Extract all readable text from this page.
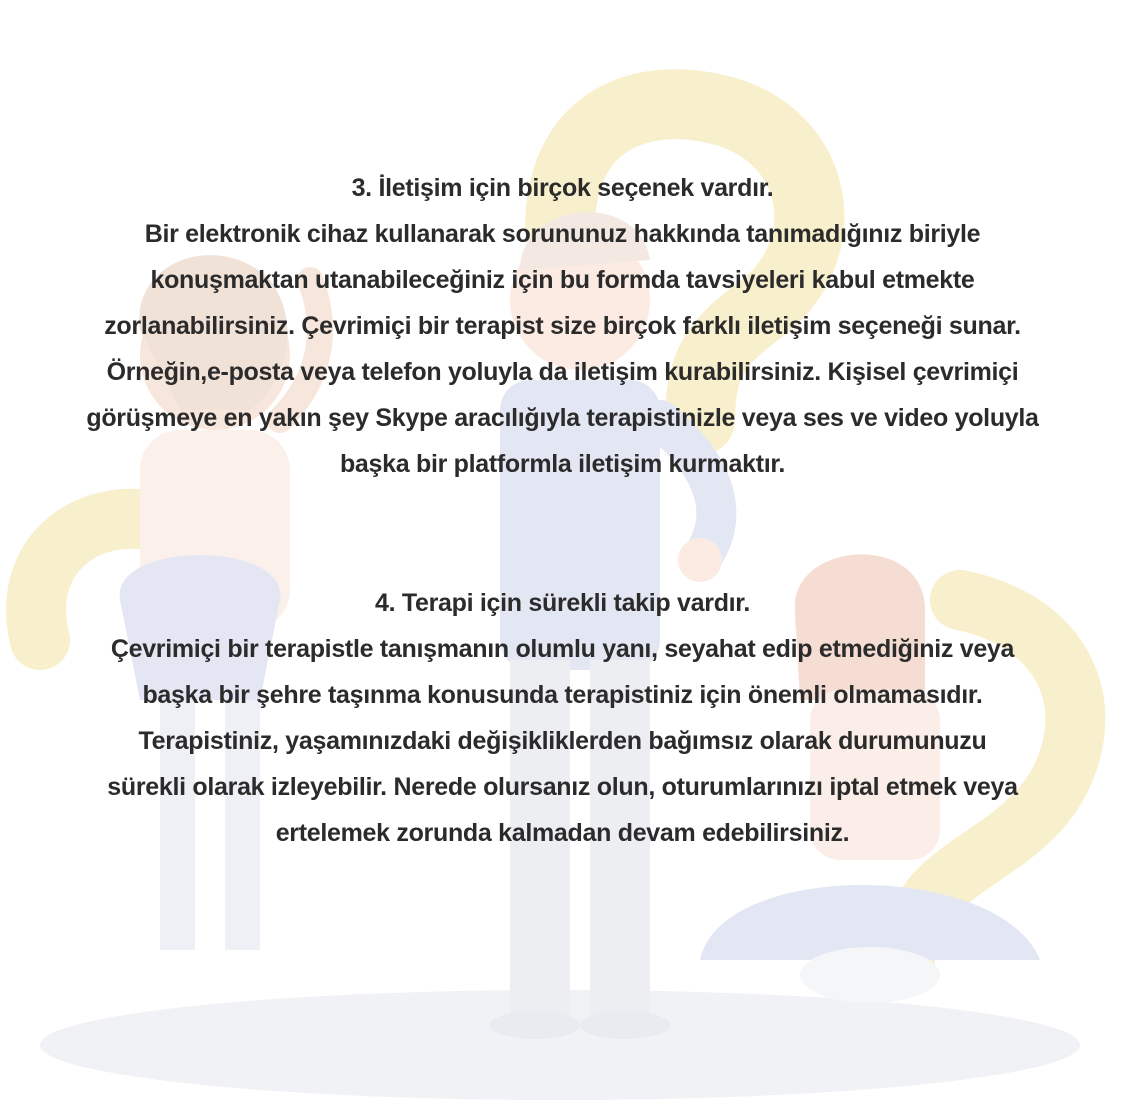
3. İletişim için birçok seçenek vardır.

Bir elektronik cihaz kullanarak sorununuz hakkında tanımadığınız biriyle

konuşmaktan utanabileceğiniz için bu formda tavsiyeleri kabul etmekte

zorlanabilirsiniz. Çevrimiçi bir terapist size birçok farklı iletişim seçeneği sunar.

Örneğin,e-posta veya telefon yoluyla da iletişim kurabilirsiniz. Kişisel çevrimiçi

görüşmeye en yakın şey Skype aracılığıyla terapistinizle veya ses ve video yoluyla

başka bir platformla iletişim kurmaktır.

4. Terapi için sürekli takip vardır.

Çevrimiçi bir terapistle tanışmanın olumlu yanı, seyahat edip etmediğiniz veya

başka bir şehre taşınma konusunda terapistiniz için önemli olmamasıdır.

Terapistiniz, yaşamınızdaki değişikliklerden bağımsız olarak durumunuzu

sürekli olarak izleyebilir. Nerede olursanız olun, oturumlarınızı iptal etmek veya

ertelemek zorunda kalmadan devam edebilirsiniz.
